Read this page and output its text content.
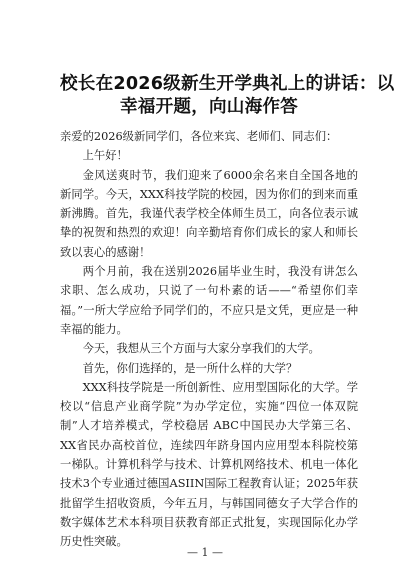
校长在2026级新生开学典礼上的讲话：以
幸福开题，向山海作答

亲爱的2026级新同学们，各位来宾、老师们、同志们：

上午好！

金风送爽时节，我们迎来了6000余名来自全国各地的新同学。今天，XXX科技学院的校园，因为你们的到来而重新沸腾。首先，我谨代表学校全体师生员工，向各位表示诚挚的祝贺和热烈的欢迎！向辛勤培育你们成长的家人和师长致以衷心的感谢！

两个月前，我在送别2026届毕业生时，我没有讲怎么求职、怎么成功，只说了一句朴素的话——“希望你们幸福。”一所大学应给予同学们的，不应只是文凭，更应是一种幸福的能力。

今天，我想从三个方面与大家分享我们的大学。

首先，你们选择的，是一所什么样的大学？

XXX科技学院是一所创新性、应用型国际化的大学。学校以“信息产业商学院”为办学定位，实施“四位一体双院制”人才培养模式，学校稳居 ABC中国民办大学第三名、XX省民办高校首位，连续四年跻身国内应用型本科院校第一梯队。计算机科学与技术、计算机网络技术、机电一体化技术3个专业通过德国ASIIN国际工程教育认证；2025年获批留学生招收资质，今年五月，与韩国同德女子大学合作的数字媒体艺术本科项目获教育部正式批复，实现国际化办学历史性突破。

— 1 —
